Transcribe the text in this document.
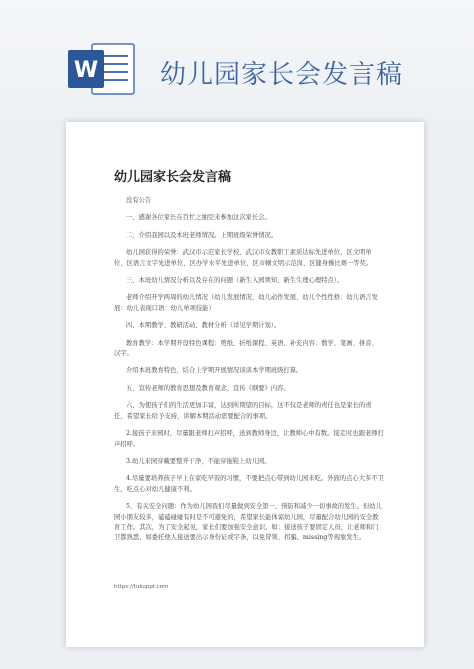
W 幼儿园家长会发言稿
幼儿园家长会发言稿

没有公告

一、感谢各位家长在百忙之抽空来参加这次家长会。

二、介绍我园以及本班老师情况。上期班级荣誉情况。

幼儿园获得的荣誉：武汉市示范家长学校、武汉市女教职工素质达标先进单位、区文明单位、区语言文字先进单位、区办学水平先进单位、区市帼文明示范岗、区健身操比赛一等奖。

三、本班幼儿情况分析以及存在的问题（新生入园须知、新生生理心理特点）。

老师介绍开学两周的幼儿情况（幼儿发展情况、幼儿动作发展、幼儿个性性格：幼儿语言发展：幼儿表现口语：幼儿单项技能）

四、本期教学、教研活动、教材分析（详见学期计划）。

教育教学：本学期开设特色课程：剪纸、折纸课程、英语、补充内容：数学、笔画、拼音、汉字。

介绍本班教育特色，结合上学期开展情况谈谈本学期班级打算。

五、宣传老师的教育思想及教育观念，宣传《纲要》内容。

六、为使孩子们的生活更加丰富，达到所期望的目标，这不仅是老师的责任也是家长的责任，希望家长给予支持，讲解本期活动需要配合的事项。

2.接孩子来园时，尽量跟老师打声招呼，送到教师身边，让教师心中有数。接走时也跟老师打声招呼。

3.幼儿来园穿戴要整齐干净，不能穿拖鞋上幼儿园。

4.尽量要培养孩子早上在家吃早饭的习惯，不要把点心带到幼儿园来吃。外面的点心大多不卫生，吃点心对幼儿健康不利。

5、有关安全问题：作为幼儿园我们尽量做到安全第一，预防和减少一切事故的发生。但幼儿园小朋友较多，磕磕碰碰有时是不可避免的，希望家长能体谅幼儿园，尽量配合幼儿园的安全教育工作。其次，为了安全起见，家长们要加强安全意识，如：接送孩子要固定人员，让老师和门卫都熟悉，如委托他人接送要出示身份证或字条，以免冒领、拐骗、missing等现象发生。

https://tukuppt.com
